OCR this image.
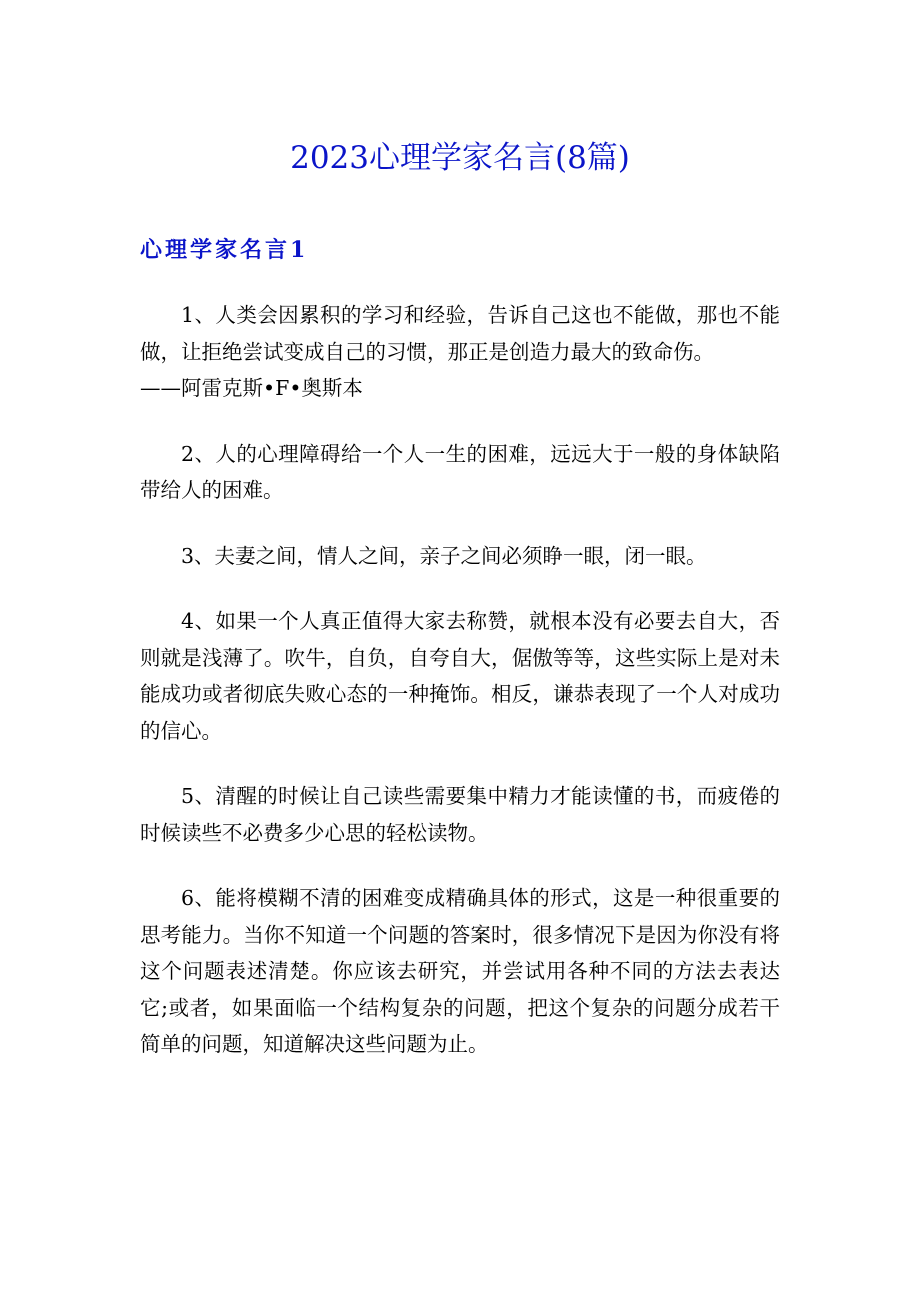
2023心理学家名言(8篇)
心理学家名言1

1、人类会因累积的学习和经验，告诉自己这也不能做，那也不能做，让拒绝尝试变成自己的习惯，那正是创造力最大的致命伤。
——阿雷克斯•F•奥斯本

2、人的心理障碍给一个人一生的困难，远远大于一般的身体缺陷带给人的困难。

3、夫妻之间，情人之间，亲子之间必须睁一眼，闭一眼。

4、如果一个人真正值得大家去称赞，就根本没有必要去自大，否则就是浅薄了。吹牛，自负，自夸自大，倨傲等等，这些实际上是对未能成功或者彻底失败心态的一种掩饰。相反，谦恭表现了一个人对成功的信心。

5、清醒的时候让自己读些需要集中精力才能读懂的书，而疲倦的时候读些不必费多少心思的轻松读物。

6、能将模糊不清的困难变成精确具体的形式，这是一种很重要的思考能力。当你不知道一个问题的答案时，很多情况下是因为你没有将这个问题表述清楚。你应该去研究，并尝试用各种不同的方法去表达它;或者，如果面临一个结构复杂的问题，把这个复杂的问题分成若干简单的问题，知道解决这些问题为止。
